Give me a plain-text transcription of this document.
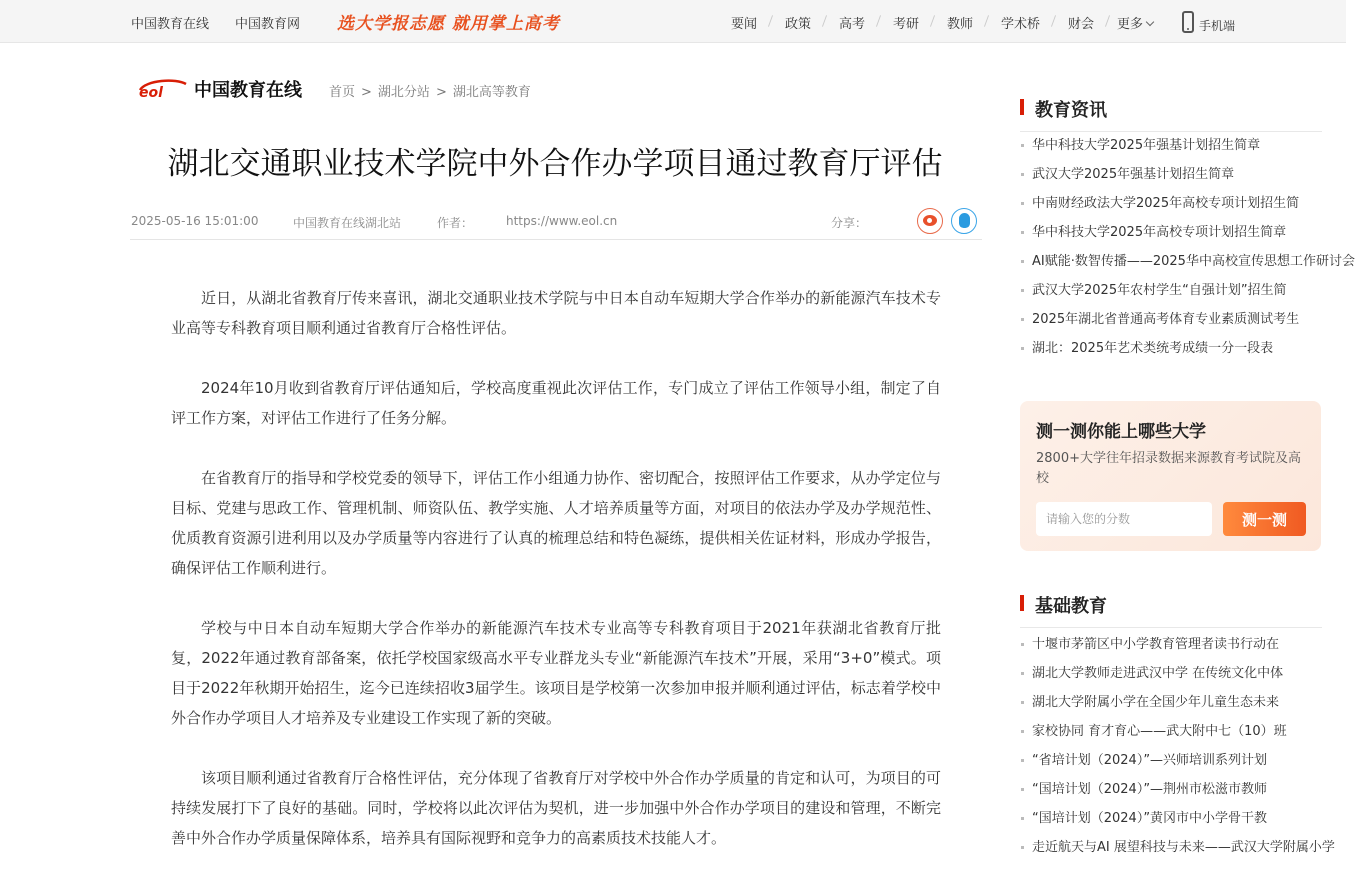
中国教育在线 中国教育网 选大学报志愿 就用掌上高考	要闻 政策 高考 考研 教师 学术桥 财会 更多	手机端
eol 中国教育在线 首页 > 湖北分站 > 湖北高等教育
湖北交通职业技术学院中外合作办学项目通过教育厅评估
2025-05-16 15:01:00	中国教育在线湖北站	作者：	https://www.eol.cn	分享：

近日，从湖北省教育厅传来喜讯，湖北交通职业技术学院与中日本自动车短期大学合作举办的新能源汽车技术专业高等专科教育项目顺利通过省教育厅合格性评估。

2024年10月收到省教育厅评估通知后，学校高度重视此次评估工作，专门成立了评估工作领导小组，制定了自评工作方案，对评估工作进行了任务分解。

在省教育厅的指导和学校党委的领导下，评估工作小组通力协作、密切配合，按照评估工作要求，从办学定位与目标、党建与思政工作、管理机制、师资队伍、教学实施、人才培养质量等方面，对项目的依法办学及办学规范性、优质教育资源引进利用以及办学质量等内容进行了认真的梳理总结和特色凝练，提供相关佐证材料，形成办学报告，确保评估工作顺利进行。

学校与中日本自动车短期大学合作举办的新能源汽车技术专业高等专科教育项目于2021年获湖北省教育厅批复，2022年通过教育部备案，依托学校国家级高水平专业群龙头专业“新能源汽车技术”开展，采用“3+0”模式。项目于2022年秋期开始招生，迄今已连续招收3届学生。该项目是学校第一次参加申报并顺利通过评估，标志着学校中外合作办学项目人才培养及专业建设工作实现了新的突破。

该项目顺利通过省教育厅合格性评估，充分体现了省教育厅对学校中外合作办学质量的肯定和认可，为项目的可持续发展打下了良好的基础。同时，学校将以此次评估为契机，进一步加强中外合作办学项目的建设和管理，不断完善中外合作办学质量保障体系，培养具有国际视野和竞争力的高素质技术技能人才。

教育资讯
华中科技大学2025年强基计划招生简章
武汉大学2025年强基计划招生简章
中南财经政法大学2025年高校专项计划招生简
华中科技大学2025年高校专项计划招生简章
AI赋能·数智传播——2025华中高校宣传思想工作研讨会
武汉大学2025年农村学生“自强计划”招生简
2025年湖北省普通高考体育专业素质测试考生
湖北：2025年艺术类统考成绩一分一段表
测一测你能上哪些大学
2800+大学往年招录数据来源教育考试院及高校
请输入您的分数
测一测
基础教育
十堰市茅箭区中小学教育管理者读书行动在
湖北大学教师走进武汉中学 在传统文化中体
湖北大学附属小学在全国少年儿童生态未来
家校协同 育才育心——武大附中七（10）班
“省培计划（2024）”—兴师培训系列计划
“国培计划（2024）”—荆州市松滋市教师
“国培计划（2024）”黄冈市中小学骨干教
走近航天与AI 展望科技与未来——武汉大学附属小学
